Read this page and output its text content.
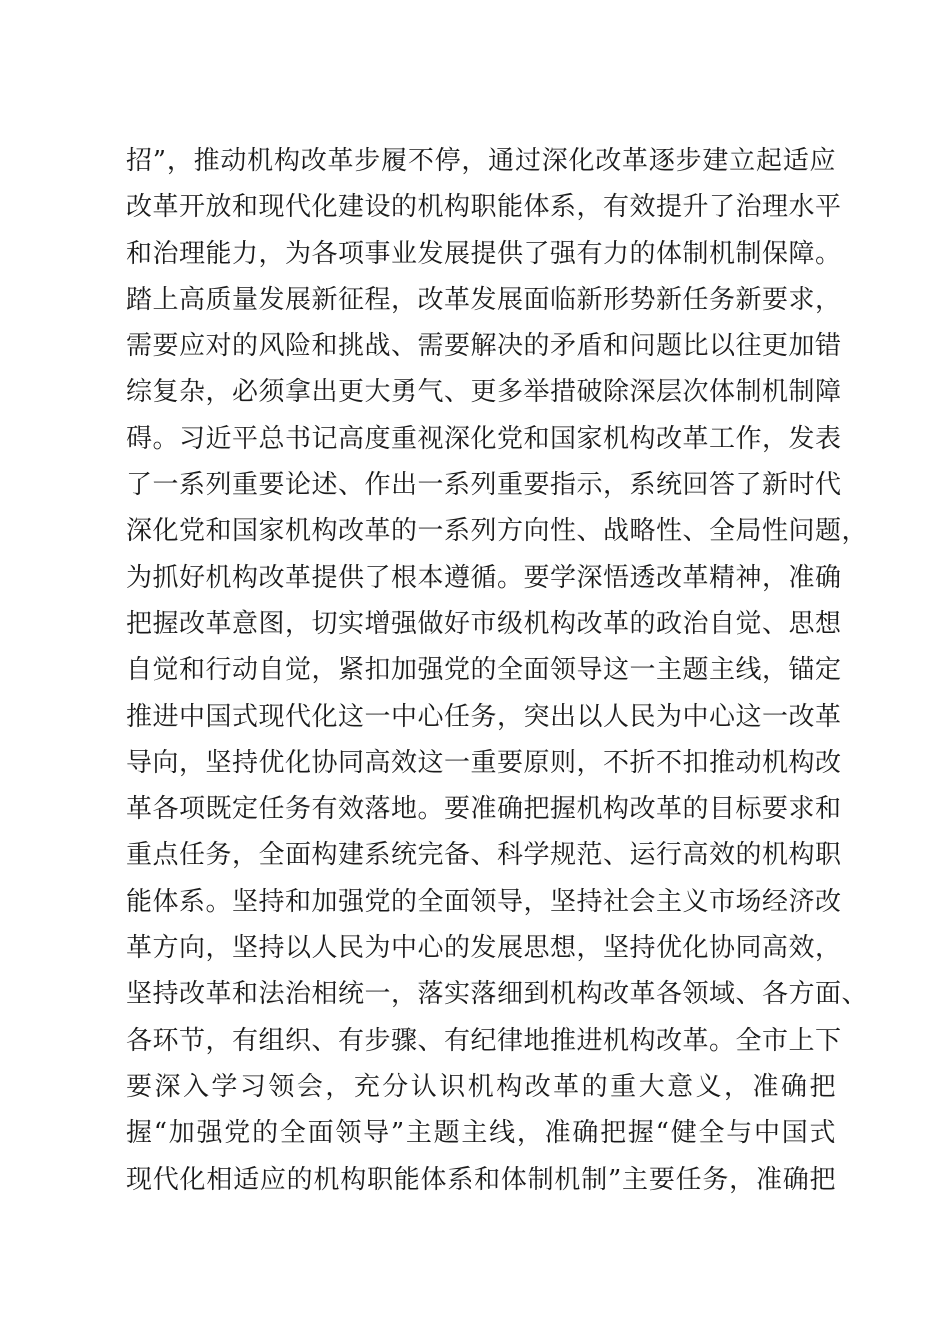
招”，推动机构改革步履不停，通过深化改革逐步建立起适应
改革开放和现代化建设的机构职能体系，有效提升了治理水平
和治理能力，为各项事业发展提供了强有力的体制机制保障。
踏上高质量发展新征程，改革发展面临新形势新任务新要求，
需要应对的风险和挑战、需要解决的矛盾和问题比以往更加错
综复杂，必须拿出更大勇气、更多举措破除深层次体制机制障
碍。习近平总书记高度重视深化党和国家机构改革工作，发表
了一系列重要论述、作出一系列重要指示，系统回答了新时代
深化党和国家机构改革的一系列方向性、战略性、全局性问题，
为抓好机构改革提供了根本遵循。要学深悟透改革精神，准确
把握改革意图，切实增强做好市级机构改革的政治自觉、思想
自觉和行动自觉，紧扣加强党的全面领导这一主题主线，锚定
推进中国式现代化这一中心任务，突出以人民为中心这一改革
导向，坚持优化协同高效这一重要原则，不折不扣推动机构改
革各项既定任务有效落地。要准确把握机构改革的目标要求和
重点任务，全面构建系统完备、科学规范、运行高效的机构职
能体系。坚持和加强党的全面领导，坚持社会主义市场经济改
革方向，坚持以人民为中心的发展思想，坚持优化协同高效，
坚持改革和法治相统一，落实落细到机构改革各领域、各方面、
各环节，有组织、有步骤、有纪律地推进机构改革。全市上下
要深入学习领会，充分认识机构改革的重大意义，准确把
握“加强党的全面领导”主题主线，准确把握“健全与中国式
现代化相适应的机构职能体系和体制机制”主要任务，准确把
